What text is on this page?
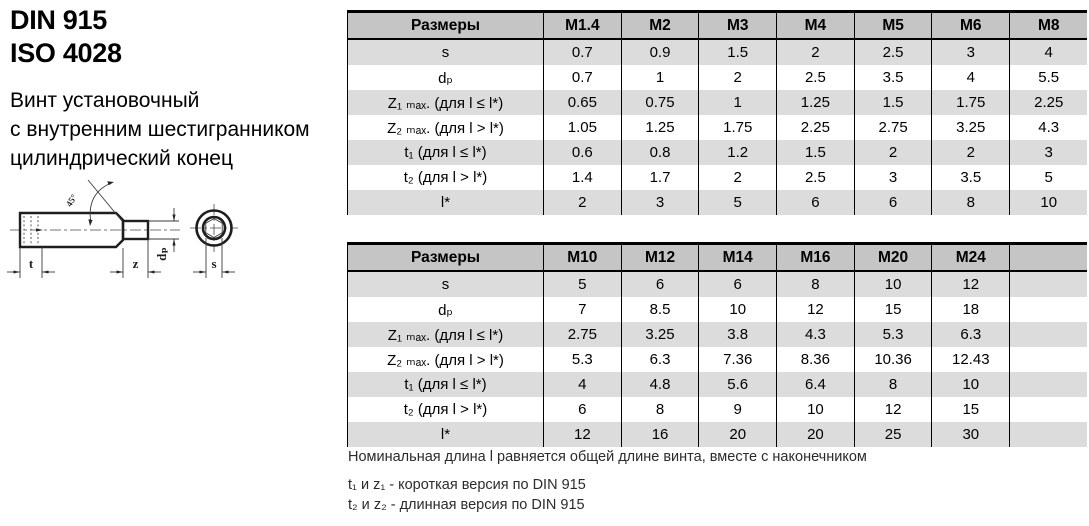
DIN 915
ISO 4028
Винт установочный
с внутренним шестигранником
цилиндрический конец
45°
t	z
dₚ
s
Размеры	M1.4	M2	M3	M4	M5	M6	M8
s	0.7	0.9	1.5	2	2.5	3	4
dₚ	0.7	1	2	2.5	3.5	4	5.5
Z₁ ₘₐₓ. (для l ≤ l*)	0.65	0.75	1	1.25	1.5	1.75	2.25
Z₂ ₘₐₓ. (для l > l*)	1.05	1.25	1.75	2.25	2.75	3.25	4.3
t₁ (для l ≤ l*)	0.6	0.8	1.2	1.5	2	2	3
t₂ (для l > l*)	1.4	1.7	2	2.5	3	3.5	5
l*	2	3	5	6	6	8	10
Размеры	M10	M12	M14	M16	M20	M24	
s	5	6	6	8	10	12	
dₚ	7	8.5	10	12	15	18	
Z₁ ₘₐₓ. (для l ≤ l*)	2.75	3.25	3.8	4.3	5.3	6.3	
Z₂ ₘₐₓ. (для l > l*)	5.3	6.3	7.36	8.36	10.36	12.43	
t₁ (для l ≤ l*)	4	4.8	5.6	6.4	8	10	
t₂ (для l > l*)	6	8	9	10	12	15	
l*	12	16	20	20	25	30	
Номинальная длина l равняется общей длине винта, вместе с наконечником
t₁ и z₁ - короткая версия по DIN 915
t₂ и z₂ - длинная версия по DIN 915
